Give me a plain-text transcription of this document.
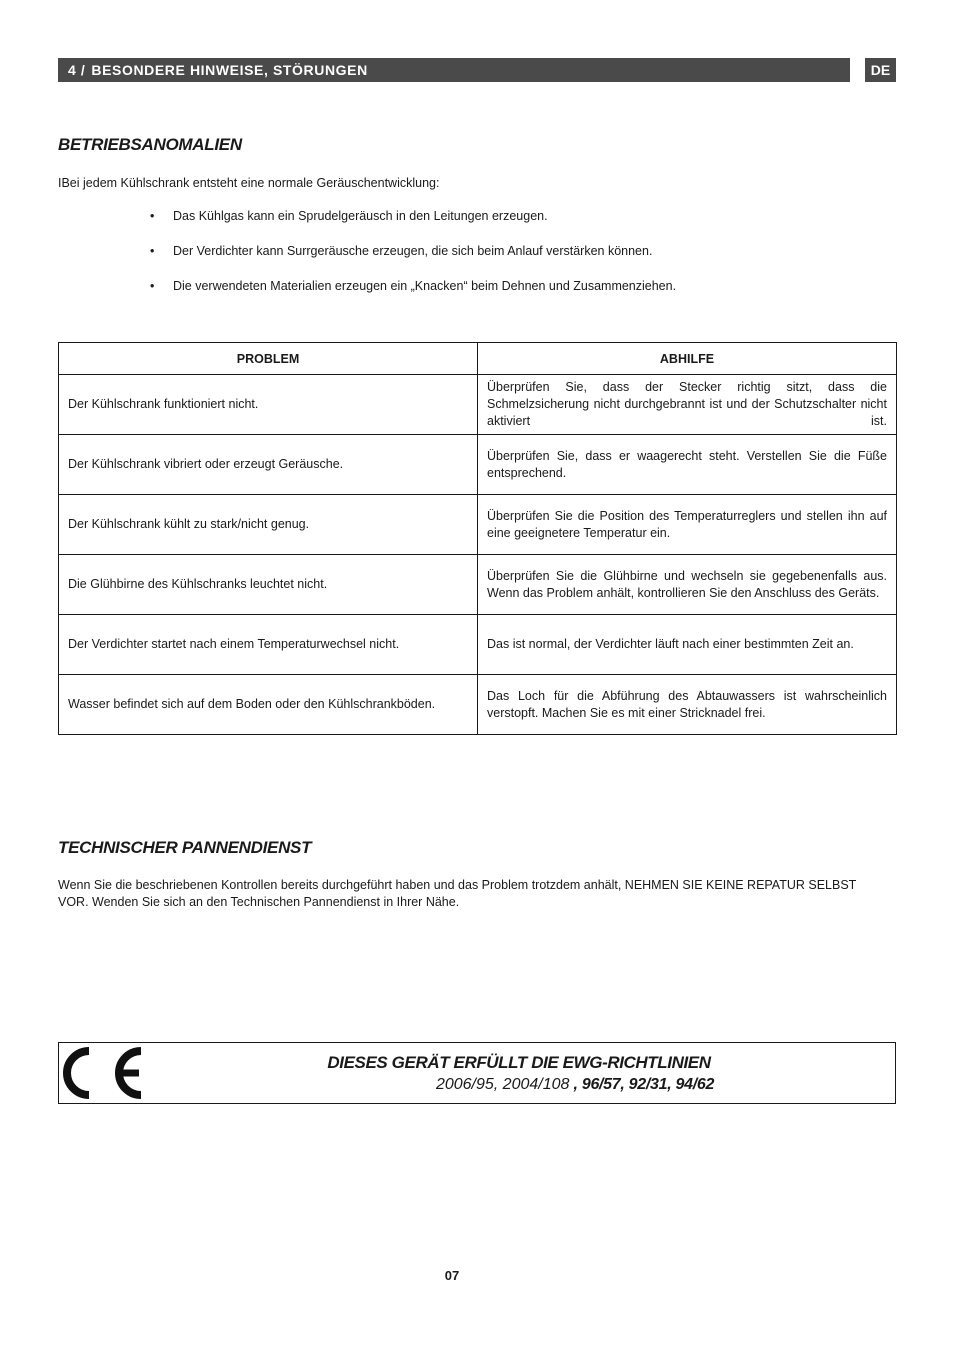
4 / BESONDERE HINWEISE, STÖRUNGEN	DE
BETRIEBSANOMALIEN
IBei jedem Kühlschrank entsteht eine normale Geräuschentwicklung:
•	Das Kühlgas kann ein Sprudelgeräusch in den Leitungen erzeugen.
•	Der Verdichter kann Surrgeräusche erzeugen, die sich beim Anlauf verstärken können.
•	Die verwendeten Materialien erzeugen ein „Knacken“ beim Dehnen und Zusammenziehen.
PROBLEM	ABHILFE
Der Kühlschrank funktioniert nicht.	Überprüfen Sie, dass der Stecker richtig sitzt, dass die Schmelzsicherung nicht durchgebrannt ist und der Schutzschalter nicht aktiviert ist.
Der Kühlschrank vibriert oder erzeugt Geräusche.	Überprüfen Sie, dass er waagerecht steht. Verstellen Sie die Füße entsprechend.
Der Kühlschrank kühlt zu stark/nicht genug.	Überprüfen Sie die Position des Temperaturreglers und stellen ihn auf eine geeignetere Temperatur ein.
Die Glühbirne des Kühlschranks leuchtet nicht.	Überprüfen Sie die Glühbirne und wechseln sie gegebenenfalls aus. Wenn das Problem anhält, kontrollieren Sie den Anschluss des Geräts.
Der Verdichter startet nach einem Temperaturwechsel nicht.	Das ist normal, der Verdichter läuft nach einer bestimmten Zeit an.
Wasser befindet sich auf dem Boden oder den Kühlschrankböden.	Das Loch für die Abführung des Abtauwassers ist wahrscheinlich verstopft. Machen Sie es mit einer Stricknadel frei.
TECHNISCHER PANNENDIENST

Wenn Sie die beschriebenen Kontrollen bereits durchgeführt haben und das Problem trotzdem anhält, NEHMEN SIE KEINE REPATUR SELBST VOR. Wenden Sie sich an den Technischen Pannendienst in Ihrer Nähe.

DIESES GERÄT ERFÜLLT DIE EWG-RICHTLINIEN
2006/95, 2004/108 , 96/57, 92/31, 94/62
07
